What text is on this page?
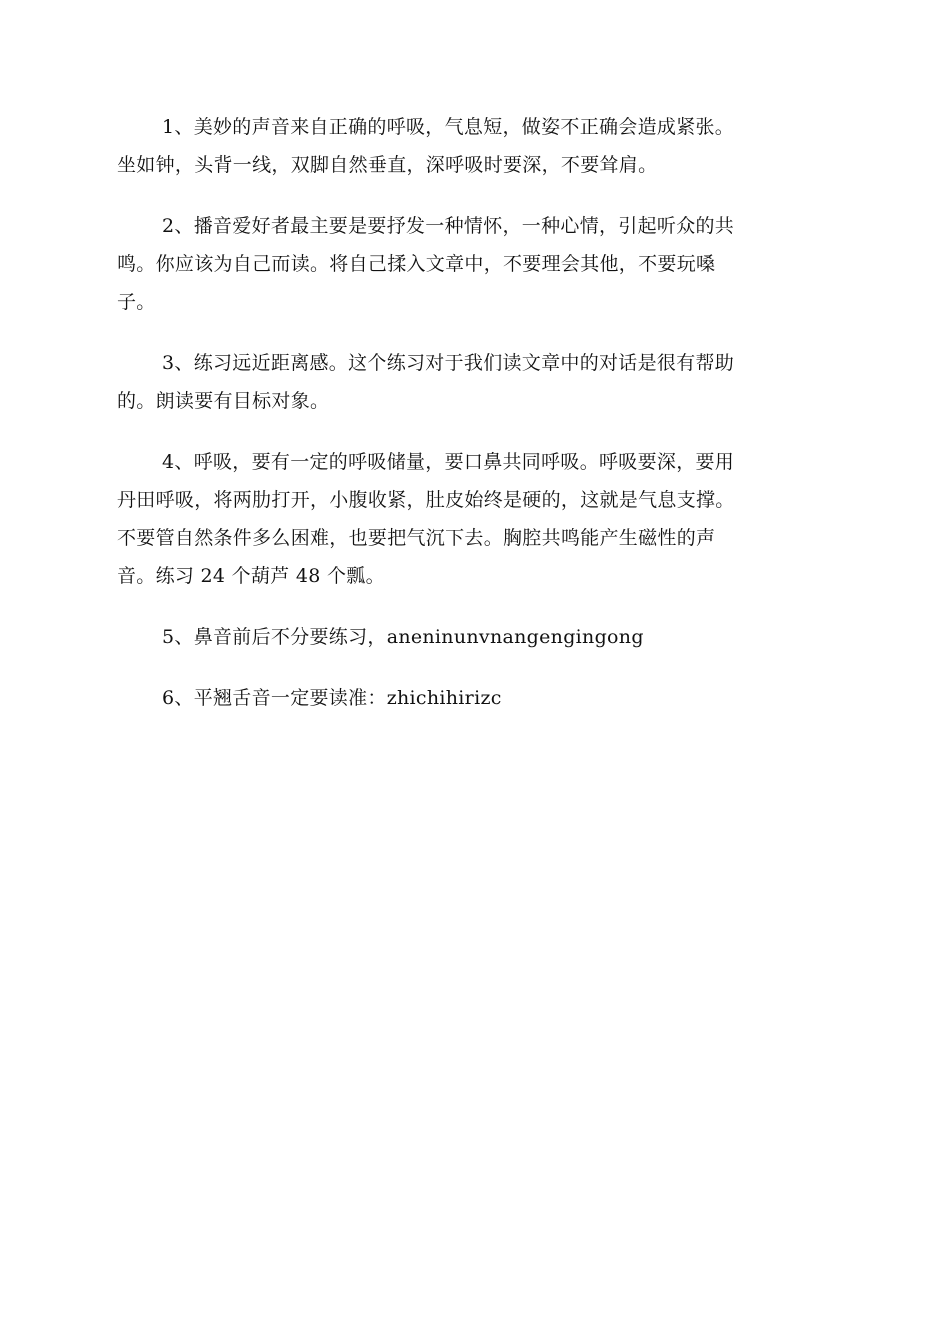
1、美妙的声音来自正确的呼吸，气息短，做姿不正确会造成紧张。
坐如钟，头背一线，双脚自然垂直，深呼吸时要深，不要耸肩。
2、播音爱好者最主要是要抒发一种情怀，一种心情，引起听众的共
鸣。你应该为自己而读。将自己揉入文章中，不要理会其他，不要玩嗓
子。
3、练习远近距离感。这个练习对于我们读文章中的对话是很有帮助
的。朗读要有目标对象。
4、呼吸，要有一定的呼吸储量，要口鼻共同呼吸。呼吸要深，要用
丹田呼吸，将两肋打开，小腹收紧，肚皮始终是硬的，这就是气息支撑。
不要管自然条件多么困难，也要把气沉下去。胸腔共鸣能产生磁性的声
音。练习 24 个葫芦 48 个瓢。
5、鼻音前后不分要练习，aneninunvnangengingong
6、平翘舌音一定要读准：zhichihirizc
